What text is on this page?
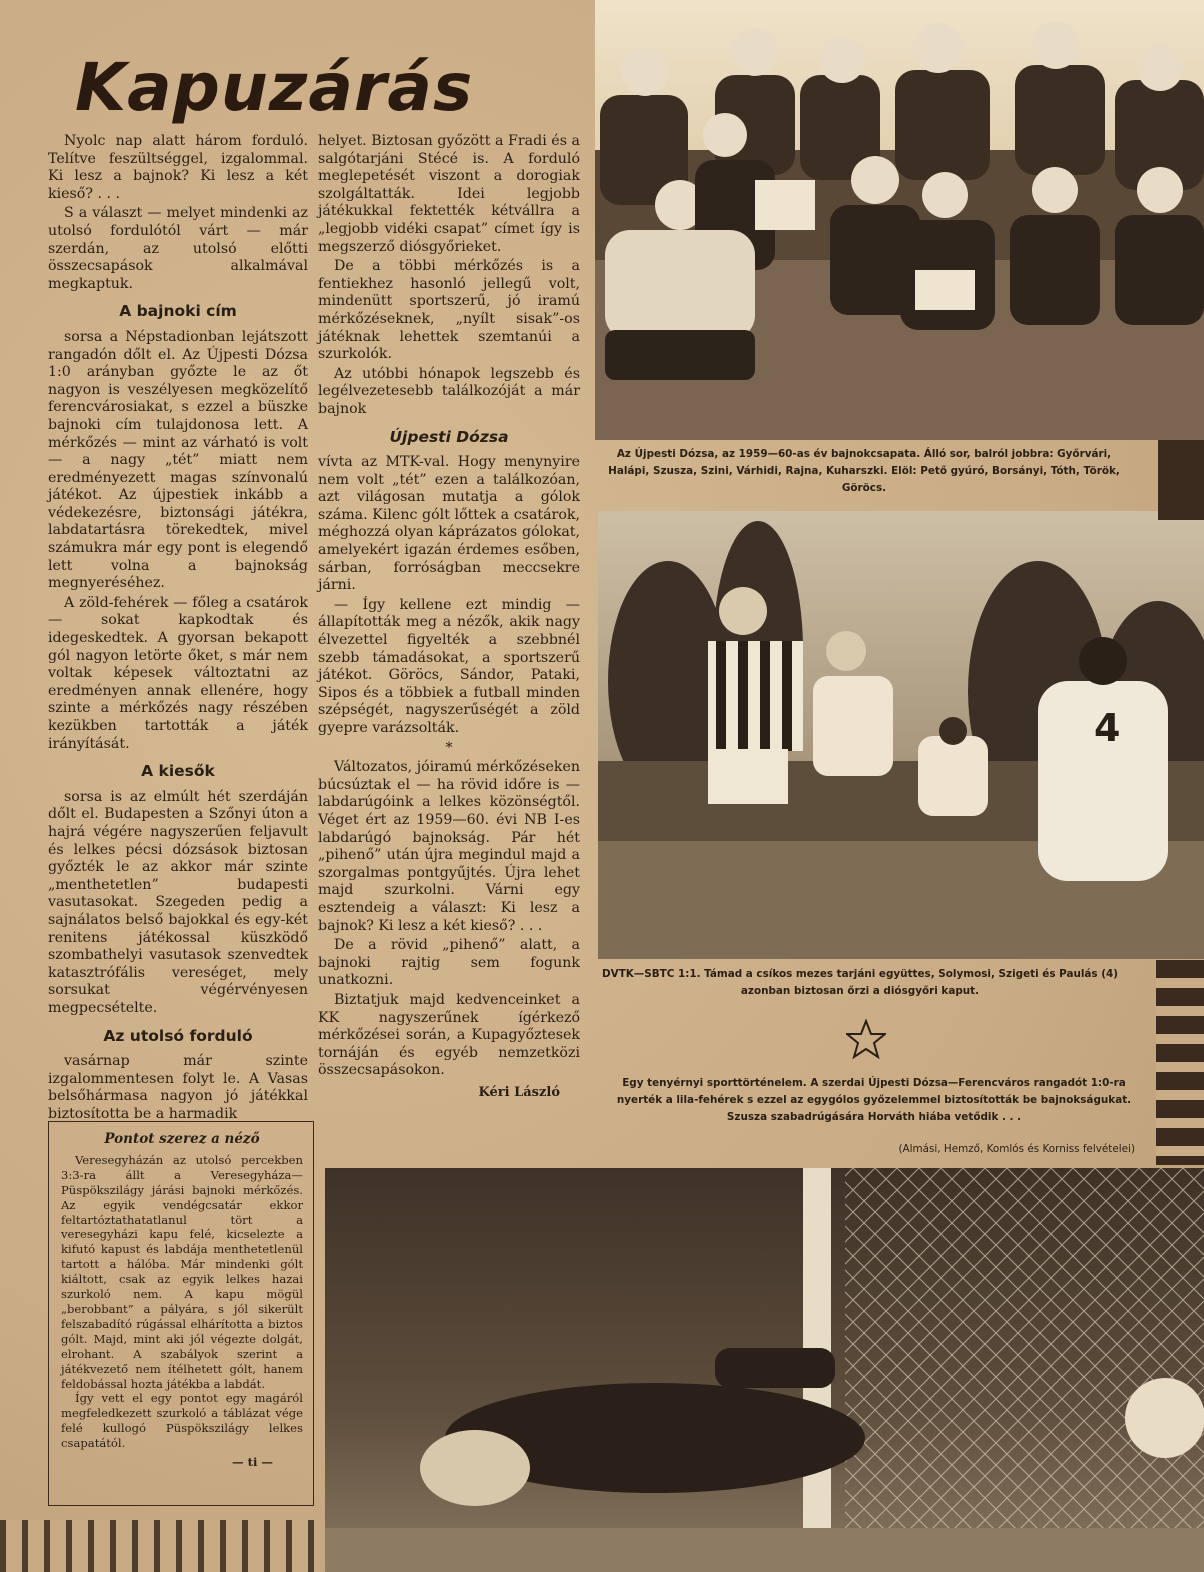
Kapuzárás

Nyolc nap alatt három forduló. Telítve feszültséggel, izgalommal. Ki lesz a bajnok? Ki lesz a két kieső? . . .

S a választ — melyet mindenki az utolsó fordulótól várt — már szerdán, az utolsó előtti összecsapások alkalmával megkaptuk.

A bajnoki cím

sorsa a Népstadionban lejátszott rangadón dőlt el. Az Újpesti Dózsa 1:0 arányban győzte le az őt nagyon is veszélyesen megközelítő ferencvárosiakat, s ezzel a büszke bajnoki cím tulajdonosa lett. A mérkőzés — mint az várható is volt — a nagy „tét” miatt nem eredményezett magas színvonalú játékot. Az újpestiek inkább a védekezésre, biztonsági játékra, labdatartásra törekedtek, mivel számukra már egy pont is elegendő lett volna a bajnokság megnyeréséhez.

A zöld-fehérek — főleg a csatárok — sokat kapkodtak és idegeskedtek. A gyorsan bekapott gól nagyon letörte őket, s már nem voltak képesek változtatni az eredményen annak ellenére, hogy szinte a mérkőzés nagy részében kezükben tartották a játék irányítását.

A kiesők

sorsa is az elmúlt hét szerdáján dőlt el. Budapesten a Szőnyi úton a hajrá végére nagyszerűen feljavult és lelkes pécsi dózsások biztosan győzték le az akkor már szinte „menthetetlen” budapesti vasutasokat. Szegeden pedig a sajnálatos belső bajokkal és egy-két renitens játékossal küszködő szombathelyi vasutasok szenvedtek katasztrófális vereséget, mely sorsukat végérvényesen megpecsételte.

Az utolsó forduló

vasárnap már szinte izgalommentesen folyt le. A Vasas belsőhármasa nagyon jó játékkal biztosította be a harmadik

helyet. Biztosan győzött a Fradi és a salgótarjáni Stécé is. A forduló meglepetését viszont a dorogiak szolgáltatták. Idei legjobb játékukkal fektették kétvállra a „legjobb vidéki csapat” címet így is megszerző diósgyőrieket.

De a többi mérkőzés is a fentiekhez hasonló jellegű volt, mindenütt sportszerű, jó iramú mérkőzéseknek, „nyílt sisak”-os játéknak lehettek szemtanúi a szurkolók.

Az utóbbi hónapok legszebb és legélvezetesebb találkozóját a már bajnok

Újpesti Dózsa

vívta az MTK-val. Hogy menynyire nem volt „tét” ezen a találkozóan, azt világosan mutatja a gólok száma. Kilenc gólt lőttek a csatárok, méghozzá olyan káprázatos gólokat, amelyekért igazán érdemes esőben, sárban, forróságban meccsekre járni.

— Így kellene ezt mindig — állapították meg a nézők, akik nagy élvezettel figyelték a szebbnél szebb támadásokat, a sportszerű játékot. Göröcs, Sándor, Pataki, Sipos és a többiek a futball minden szépségét, nagyszerűségét a zöld gyepre varázsolták.

*

Változatos, jóiramú mérkőzéseken búcsúztak el — ha rövid időre is — labdarúgóink a lelkes közönségtől. Véget ért az 1959—60. évi NB I-es labdarúgó bajnokság. Pár hét „pihenő” után újra megindul majd a szorgalmas pontgyűjtés. Újra lehet majd szurkolni. Várni egy esztendeig a választ: Ki lesz a bajnok? Ki lesz a két kieső? . . .

De a rövid „pihenő” alatt, a bajnoki rajtig sem fogunk unatkozni.

Biztatjuk majd kedvenceinket a KK nagyszerűnek ígérkező mérkőzései során, a Kupagyőztesek tornáján és egyéb nemzetközi összecsapásokon.

Kéri László
Pontot szerez a néző

Veresegyházán az utolsó percekben 3:3-ra állt a Veresegyháza—Püspökszilágy járási bajnoki mérkőzés. Az egyik vendégcsatár ekkor feltartóztathatatlanul tört a veresegyházi kapu felé, kicselezte a kifutó kapust és labdája menthetetlenül tartott a hálóba. Már mindenki gólt kiáltott, csak az egyik lelkes hazai szurkoló nem. A kapu mögül „berobbant” a pályára, s jól sikerült felszabadító rúgással elhárította a biztos gólt. Majd, mint aki jól végezte dolgát, elrohant. A szabályok szerint a játékvezető nem ítélhetett gólt, hanem feldobással hozta játékba a labdát.

Így vett el egy pontot egy magáról megfeledkezett szurkoló a táblázat vége felé kullogó Püspökszilágy lelkes csapatától.

— ti —
Az Újpesti Dózsa, az 1959—60-as év bajnokcsapata. Álló sor, balról jobbra: Győrvári, Halápi, Szusza, Szini, Várhidi, Rajna, Kuharszki. Elöl: Pető gyúró, Borsányi, Tóth, Török, Göröcs.
4
DVTK—SBTC 1:1. Támad a csíkos mezes tarjáni együttes, Solymosi, Szigeti és Paulás (4) azonban biztosan őrzi a diósgyőri kaput.
Egy tenyérnyi sporttörténelem. A szerdai Újpesti Dózsa—Ferencváros rangadót 1:0-ra nyerték a lila-fehérek s ezzel az egygólos győzelemmel biztosították be bajnokságukat. Szusza szabadrúgására Horváth hiába vetődik . . .
(Almási, Hemző, Komlós és Korniss felvételei)
